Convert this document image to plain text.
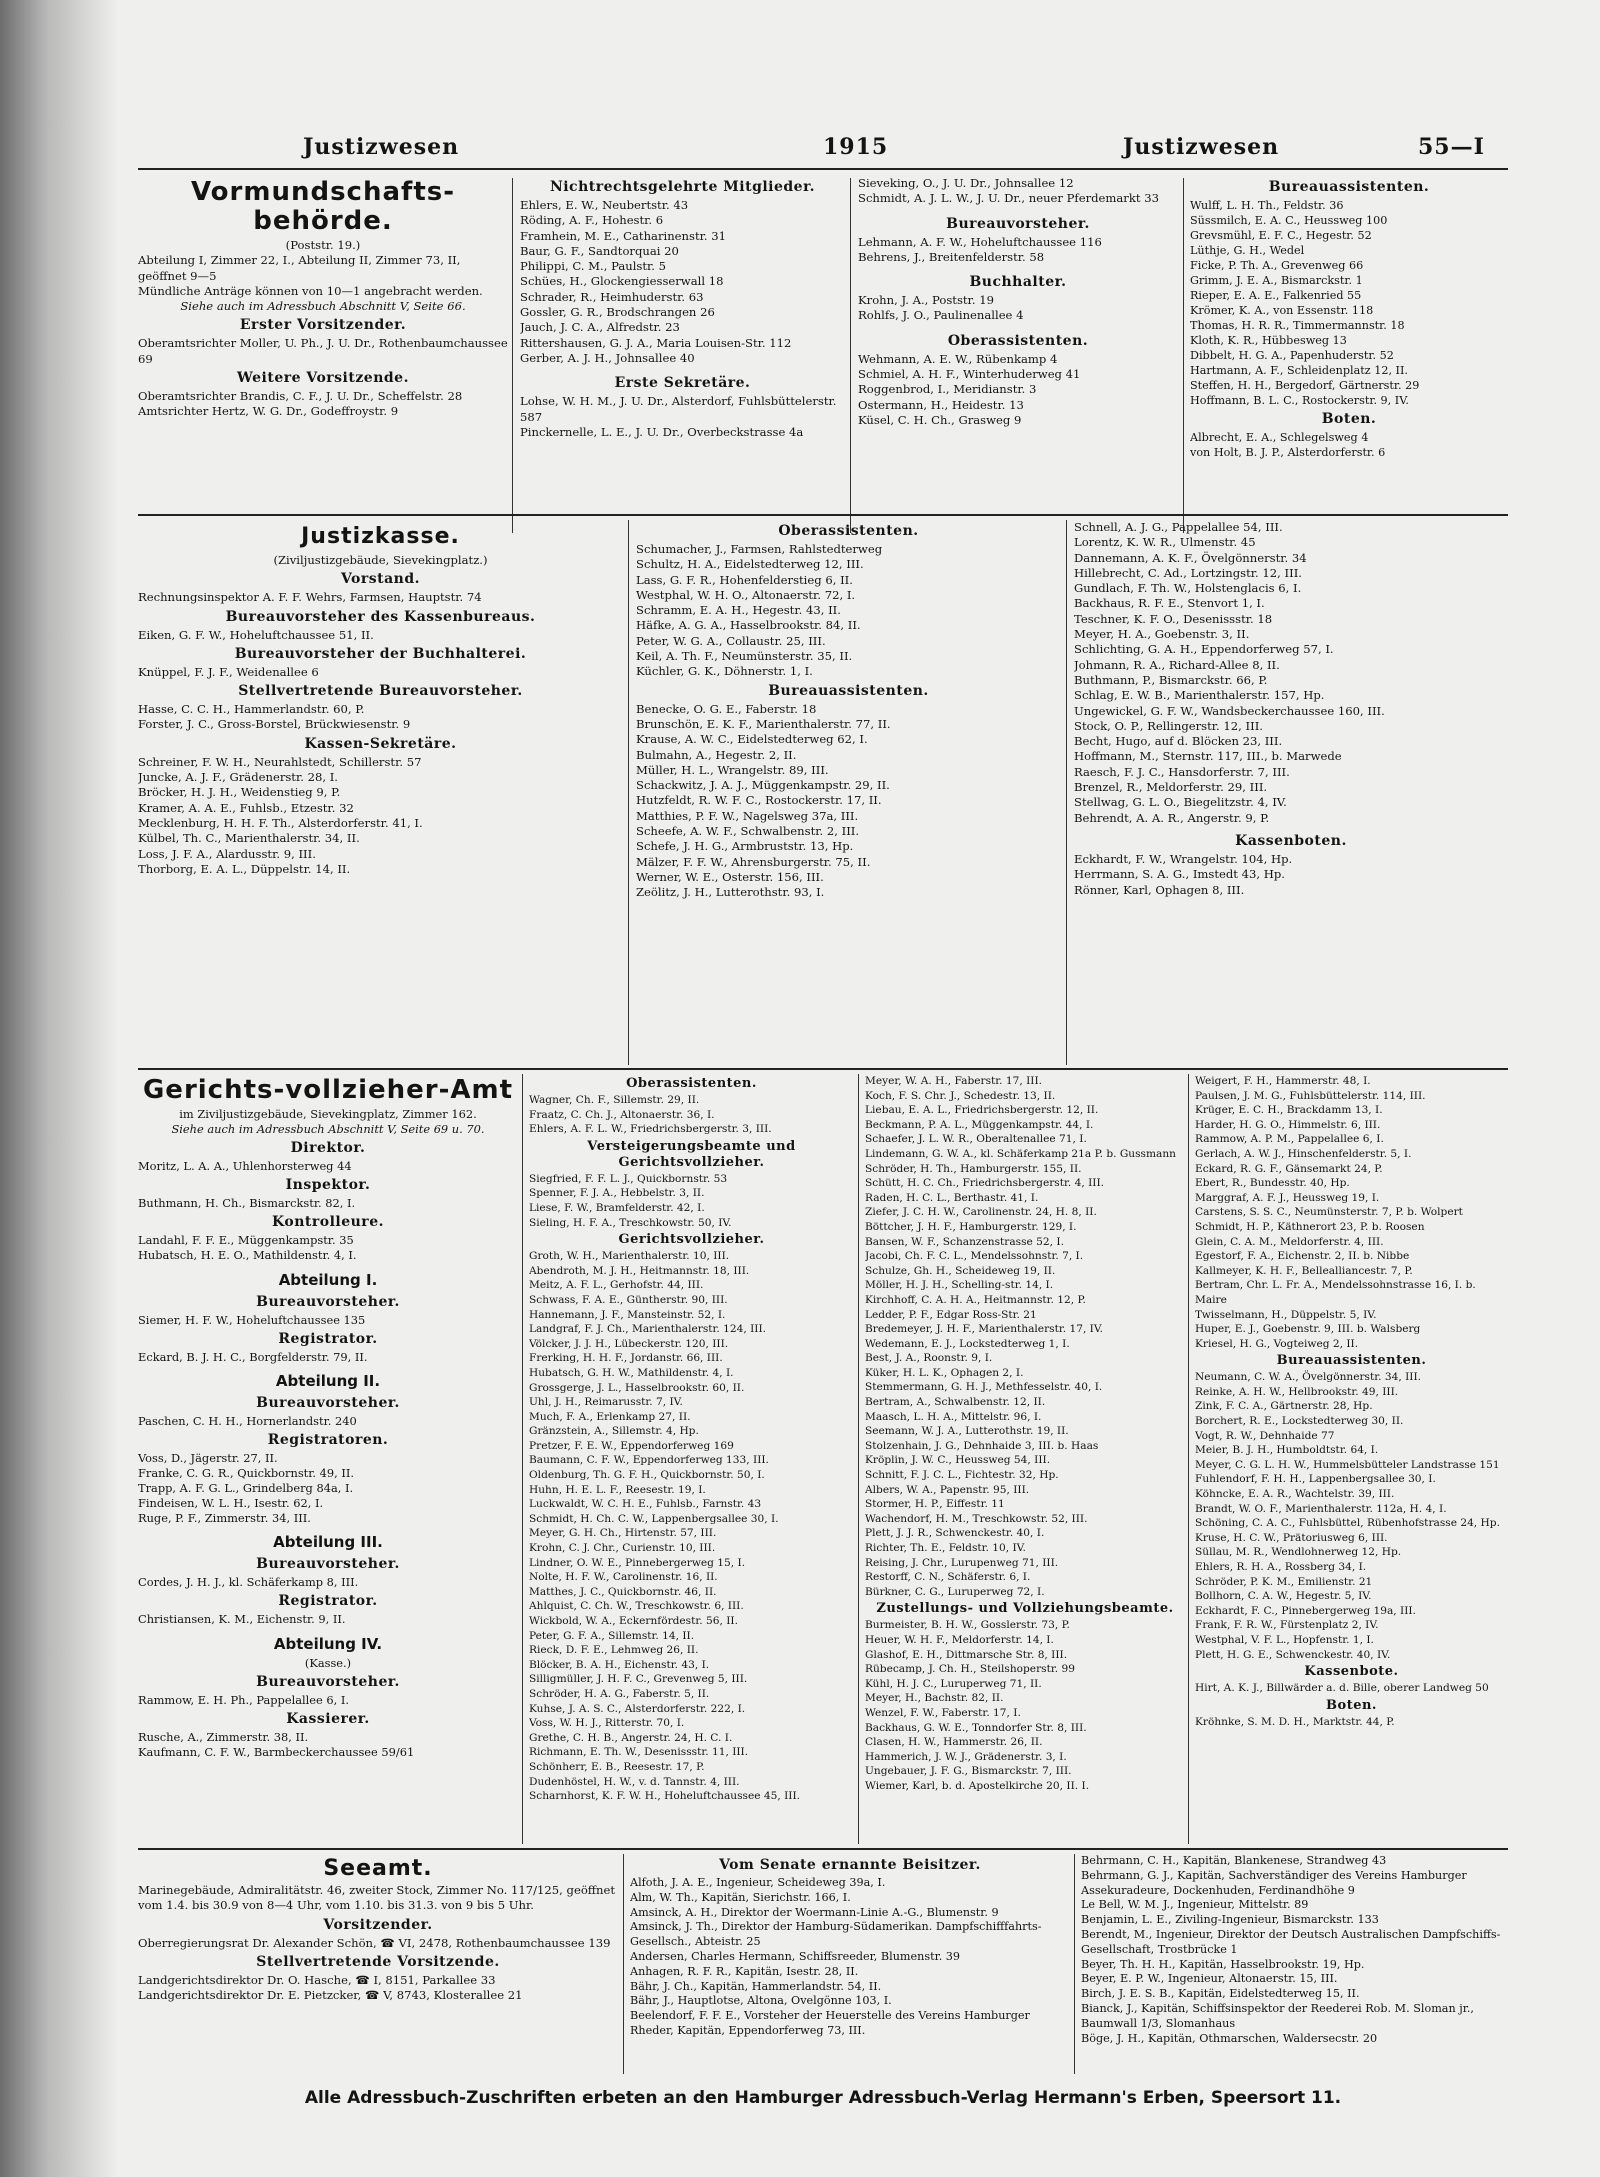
Justizwesen	1915	Justizwesen	55—I
Vormundschafts-behörde.

(Poststr. 19.)

Abteilung I, Zimmer 22, I., Abteilung II, Zimmer 73, II, geöffnet 9—5

Mündliche Anträge können von 10—1 angebracht werden.

Siehe auch im Adressbuch Abschnitt V, Seite 66.

Erster Vorsitzender.

Oberamtsrichter Moller, U. Ph., J. U. Dr., Rothenbaumchaussee 69

Weitere Vorsitzende.

Oberamtsrichter Brandis, C. F., J. U. Dr., Scheffelstr. 28

Amtsrichter Hertz, W. G. Dr., Godeffroystr. 9

Nichtrechtsgelehrte Mitglieder.

Ehlers, E. W., Neubertstr. 43

Röding, A. F., Hohestr. 6

Framhein, M. E., Catharinenstr. 31

Baur, G. F., Sandtorquai 20

Philippi, C. M., Paulstr. 5

Schües, H., Glockengiesserwall 18

Schrader, R., Heimhuderstr. 63

Gossler, G. R., Brodschrangen 26

Jauch, J. C. A., Alfredstr. 23

Rittershausen, G. J. A., Maria Louisen-Str. 112

Gerber, A. J. H., Johnsallee 40

Erste Sekretäre.

Lohse, W. H. M., J. U. Dr., Alsterdorf, Fuhlsbüttelerstr. 587

Pinckernelle, L. E., J. U. Dr., Overbeckstrasse 4a

Sieveking, O., J. U. Dr., Johnsallee 12

Schmidt, A. J. L. W., J. U. Dr., neuer Pferdemarkt 33

Bureauvorsteher.

Lehmann, A. F. W., Hoheluftchaussee 116

Behrens, J., Breitenfelderstr. 58

Buchhalter.

Krohn, J. A., Poststr. 19

Rohlfs, J. O., Paulinenallee 4

Oberassistenten.

Wehmann, A. E. W., Rübenkamp 4

Schmiel, A. H. F., Winterhuderweg 41

Roggenbrod, I., Meridianstr. 3

Ostermann, H., Heidestr. 13

Küsel, C. H. Ch., Grasweg 9

Bureauassistenten.

Wulff, L. H. Th., Feldstr. 36

Süssmilch, E. A. C., Heussweg 100

Grevsmühl, E. F. C., Hegestr. 52

Lüthje, G. H., Wedel

Ficke, P. Th. A., Grevenweg 66

Grimm, J. E. A., Bismarckstr. 1

Rieper, E. A. E., Falkenried 55

Krömer, K. A., von Essenstr. 118

Thomas, H. R. R., Timmermannstr. 18

Kloth, K. R., Hübbesweg 13

Dibbelt, H. G. A., Papenhuderstr. 52

Hartmann, A. F., Schleidenplatz 12, II.

Steffen, H. H., Bergedorf, Gärtnerstr. 29

Hoffmann, B. L. C., Rostockerstr. 9, IV.

Boten.

Albrecht, E. A., Schlegelsweg 4

von Holt, B. J. P., Alsterdorferstr. 6

Justizkasse.

(Ziviljustizgebäude, Sievekingplatz.)

Vorstand.

Rechnungsinspektor A. F. F. Wehrs, Farmsen, Hauptstr. 74

Bureauvorsteher des Kassenbureaus.

Eiken, G. F. W., Hoheluftchaussee 51, II.

Bureauvorsteher der Buchhalterei.

Knüppel, F. J. F., Weidenallee 6

Stellvertretende Bureauvorsteher.

Hasse, C. C. H., Hammerlandstr. 60, P.

Forster, J. C., Gross-Borstel, Brückwiesenstr. 9

Kassen-Sekretäre.

Schreiner, F. W. H., Neurahlstedt, Schillerstr. 57

Juncke, A. J. F., Grädenerstr. 28, I.

Bröcker, H. J. H., Weidenstieg 9, P.

Kramer, A. A. E., Fuhlsb., Etzestr. 32

Mecklenburg, H. H. F. Th., Alsterdorferstr. 41, I.

Külbel, Th. C., Marienthalerstr. 34, II.

Loss, J. F. A., Alardusstr. 9, III.

Thorborg, E. A. L., Düppelstr. 14, II.

Oberassistenten.

Schumacher, J., Farmsen, Rahlstedterweg

Schultz, H. A., Eidelstedterweg 12, III.

Lass, G. F. R., Hohenfelderstieg 6, II.

Westphal, W. H. O., Altonaerstr. 72, I.

Schramm, E. A. H., Hegestr. 43, II.

Häfke, A. G. A., Hasselbrookstr. 84, II.

Peter, W. G. A., Collaustr. 25, III.

Keil, A. Th. F., Neumünsterstr. 35, II.

Küchler, G. K., Döhnerstr. 1, I.

Bureauassistenten.

Benecke, O. G. E., Faberstr. 18

Brunschön, E. K. F., Marienthalerstr. 77, II.

Krause, A. W. C., Eidelstedterweg 62, I.

Bulmahn, A., Hegestr. 2, II.

Müller, H. L., Wrangelstr. 89, III.

Schackwitz, J. A. J., Müggenkampstr. 29, II.

Hutzfeldt, R. W. F. C., Rostockerstr. 17, II.

Matthies, P. F. W., Nagelsweg 37a, III.

Scheefe, A. W. F., Schwalbenstr. 2, III.

Schefe, J. H. G., Armbruststr. 13, Hp.

Mälzer, F. F. W., Ahrensburgerstr. 75, II.

Werner, W. E., Osterstr. 156, III.

Zeölitz, J. H., Lutterothstr. 93, I.

Schnell, A. J. G., Pappelallee 54, III.

Lorentz, K. W. R., Ulmenstr. 45

Dannemann, A. K. F., Övelgönnerstr. 34

Hillebrecht, C. Ad., Lortzingstr. 12, III.

Gundlach, F. Th. W., Holstenglacis 6, I.

Backhaus, R. F. E., Stenvort 1, I.

Teschner, K. F. O., Desenissstr. 18

Meyer, H. A., Goebenstr. 3, II.

Schlichting, G. A. H., Eppendorferweg 57, I.

Johmann, R. A., Richard-Allee 8, II.

Buthmann, P., Bismarckstr. 66, P.

Schlag, E. W. B., Marienthalerstr. 157, Hp.

Ungewickel, G. F. W., Wandsbeckerchaussee 160, III.

Stock, O. P., Rellingerstr. 12, III.

Becht, Hugo, auf d. Blöcken 23, III.

Hoffmann, M., Sternstr. 117, III., b. Marwede

Raesch, F. J. C., Hansdorferstr. 7, III.

Brenzel, R., Meldorferstr. 29, III.

Stellwag, G. L. O., Biegelitzstr. 4, IV.

Behrendt, A. A. R., Angerstr. 9, P.

Kassenboten.

Eckhardt, F. W., Wrangelstr. 104, Hp.

Herrmann, S. A. G., Imstedt 43, Hp.

Rönner, Karl, Ophagen 8, III.

Gerichts-vollzieher-Amt

im Ziviljustizgebäude, Sievekingplatz, Zimmer 162.

Siehe auch im Adressbuch Abschnitt V, Seite 69 u. 70.

Direktor.

Moritz, L. A. A., Uhlenhorsterweg 44

Inspektor.

Buthmann, H. Ch., Bismarckstr. 82, I.

Kontrolleure.

Landahl, F. F. E., Müggenkampstr. 35

Hubatsch, H. E. O., Mathildenstr. 4, I.

Abteilung I.
Bureauvorsteher.

Siemer, H. F. W., Hoheluftchaussee 135

Registrator.

Eckard, B. J. H. C., Borgfelderstr. 79, II.

Abteilung II.
Bureauvorsteher.

Paschen, C. H. H., Hornerlandstr. 240

Registratoren.

Voss, D., Jägerstr. 27, II.

Franke, C. G. R., Quickbornstr. 49, II.

Trapp, A. F. G. L., Grindelberg 84a, I.

Findeisen, W. L. H., Isestr. 62, I.

Ruge, P. F., Zimmerstr. 34, III.

Abteilung III.
Bureauvorsteher.

Cordes, J. H. J., kl. Schäferkamp 8, III.

Registrator.

Christiansen, K. M., Eichenstr. 9, II.

Abteilung IV.

(Kasse.)

Bureauvorsteher.

Rammow, E. H. Ph., Pappelallee 6, I.

Kassierer.

Rusche, A., Zimmerstr. 38, II.

Kaufmann, C. F. W., Barmbeckerchaussee 59/61

Oberassistenten.

Wagner, Ch. F., Sillemstr. 29, II.

Fraatz, C. Ch. J., Altonaerstr. 36, I.

Ehlers, A. F. L. W., Friedrichsbergerstr. 3, III.

Versteigerungsbeamte und Gerichtsvollzieher.

Siegfried, F. F. L. J., Quickbornstr. 53

Spenner, F. J. A., Hebbelstr. 3, II.

Liese, F. W., Bramfelderstr. 42, I.

Sieling, H. F. A., Treschkowstr. 50, IV.

Gerichtsvollzieher.

Groth, W. H., Marienthalerstr. 10, III.

Abendroth, M. J. H., Heitmannstr. 18, III.

Meitz, A. F. L., Gerhofstr. 44, III.

Schwass, F. A. E., Güntherstr. 90, III.

Hannemann, J. F., Mansteinstr. 52, I.

Landgraf, F. J. Ch., Marienthalerstr. 124, III.

Völcker, J. J. H., Lübeckerstr. 120, III.

Frerking, H. H. F., Jordanstr. 66, III.

Hubatsch, G. H. W., Mathildenstr. 4, I.

Grossgerge, J. L., Hasselbrookstr. 60, II.

Uhl, J. H., Reimarusstr. 7, IV.

Much, F. A., Erlenkamp 27, II.

Gränzstein, A., Sillemstr. 4, Hp.

Pretzer, F. E. W., Eppendorferweg 169

Baumann, C. F. W., Eppendorferweg 133, III.

Oldenburg, Th. G. F. H., Quickbornstr. 50, I.

Huhn, H. E. L. F., Reesestr. 19, I.

Luckwaldt, W. C. H. E., Fuhlsb., Farnstr. 43

Schmidt, H. Ch. C. W., Lappenbergsallee 30, I.

Meyer, G. H. Ch., Hirtenstr. 57, III.

Krohn, C. J. Chr., Curienstr. 10, III.

Lindner, O. W. E., Pinnebergerweg 15, I.

Nolte, H. F. W., Carolinenstr. 16, II.

Matthes, J. C., Quickbornstr. 46, II.

Ahlquist, C. Ch. W., Treschkowstr. 6, III.

Wickbold, W. A., Eckernfördestr. 56, II.

Peter, G. F. A., Sillemstr. 14, II.

Rieck, D. F. E., Lehmweg 26, II.

Blöcker, B. A. H., Eichenstr. 43, I.

Silligmüller, J. H. F. C., Grevenweg 5, III.

Schröder, H. A. G., Faberstr. 5, II.

Kuhse, J. A. S. C., Alsterdorferstr. 222, I.

Voss, W. H. J., Ritterstr. 70, I.

Grethe, C. H. B., Angerstr. 24, H. C. I.

Richmann, E. Th. W., Desenissstr. 11, III.

Schönherr, E. B., Reesestr. 17, P.

Dudenhöstel, H. W., v. d. Tannstr. 4, III.

Scharnhorst, K. F. W. H., Hoheluftchaussee 45, III.

Meyer, W. A. H., Faberstr. 17, III.

Koch, F. S. Chr. J., Schedestr. 13, II.

Liebau, E. A. L., Friedrichsbergerstr. 12, II.

Beckmann, P. A. L., Müggenkampstr. 44, I.

Schaefer, J. L. W. R., Oberaltenallee 71, I.

Lindemann, G. W. A., kl. Schäferkamp 21a P. b. Gussmann

Schröder, H. Th., Hamburgerstr. 155, II.

Schütt, H. C. Ch., Friedrichsbergerstr. 4, III.

Raden, H. C. L., Berthastr. 41, I.

Ziefer, J. C. H. W., Carolinenstr. 24, H. 8, II.

Böttcher, J. H. F., Hamburgerstr. 129, I.

Bansen, W. F., Schanzenstrasse 52, I.

Jacobi, Ch. F. C. L., Mendelssohnstr. 7, I.

Schulze, Gh. H., Scheideweg 19, II.

Möller, H. J. H., Schelling-str. 14, I.

Kirchhoff, C. A. H. A., Heitmannstr. 12, P.

Ledder, P. F., Edgar Ross-Str. 21

Bredemeyer, J. H. F., Marienthalerstr. 17, IV.

Wedemann, E. J., Lockstedterweg 1, I.

Best, J. A., Roonstr. 9, I.

Küker, H. L. K., Ophagen 2, I.

Stemmermann, G. H. J., Methfesselstr. 40, I.

Bertram, A., Schwalbenstr. 12, II.

Maasch, L. H. A., Mittelstr. 96, I.

Seemann, W. J. A., Lutterothstr. 19, II.

Stolzenhain, J. G., Dehnhaide 3, III. b. Haas

Kröplin, J. W. C., Heussweg 54, III.

Schnitt, F. J. C. L., Fichtestr. 32, Hp.

Albers, W. A., Papenstr. 95, III.

Stormer, H. P., Eiffestr. 11

Wachendorf, H. M., Treschkowstr. 52, III.

Plett, J. J. R., Schwenckestr. 40, I.

Richter, Th. E., Feldstr. 10, IV.

Reising, J. Chr., Lurupenweg 71, III.

Restorff, C. N., Schäferstr. 6, I.

Bürkner, C. G., Luruperweg 72, I.

Zustellungs- und Vollziehungsbeamte.

Burmeister, B. H. W., Gosslerstr. 73, P.

Heuer, W. H. F., Meldorferstr. 14, I.

Glashof, E. H., Dittmarsche Str. 8, III.

Rübecamp, J. Ch. H., Steilshoperstr. 99

Kühl, H. J. C., Luruperweg 71, II.

Meyer, H., Bachstr. 82, II.

Wenzel, F. W., Faberstr. 17, I.

Backhaus, G. W. E., Tonndorfer Str. 8, III.

Clasen, H. W., Hammerstr. 26, II.

Hammerich, J. W. J., Grädenerstr. 3, I.

Ungebauer, J. F. G., Bismarckstr. 7, III.

Wiemer, Karl, b. d. Apostelkirche 20, II. I.

Weigert, F. H., Hammerstr. 48, I.

Paulsen, J. M. G., Fuhlsbüttelerstr. 114, III.

Krüger, E. C. H., Brackdamm 13, I.

Harder, H. G. O., Himmelstr. 6, III.

Rammow, A. P. M., Pappelallee 6, I.

Gerlach, A. W. J., Hinschenfelderstr. 5, I.

Eckard, R. G. F., Gänsemarkt 24, P.

Ebert, R., Bundesstr. 40, Hp.

Marggraf, A. F. J., Heussweg 19, I.

Carstens, S. S. C., Neumünsterstr. 7, P. b. Wolpert

Schmidt, H. P., Käthnerort 23, P. b. Roosen

Glein, C. A. M., Meldorferstr. 4, III.

Egestorf, F. A., Eichenstr. 2, II. b. Nibbe

Kallmeyer, K. H. F., Bellealliancestr. 7, P.

Bertram, Chr. L. Fr. A., Mendelssohnstrasse 16, I. b. Maire

Twisselmann, H., Düppelstr. 5, IV.

Huper, E. J., Goebenstr. 9, III. b. Walsberg

Kriesel, H. G., Vogteiweg 2, II.

Bureauassistenten.

Neumann, C. W. A., Övelgönnerstr. 34, III.

Reinke, A. H. W., Hellbrookstr. 49, III.

Zink, F. C. A., Gärtnerstr. 28, Hp.

Borchert, R. E., Lockstedterweg 30, II.

Vogt, R. W., Dehnhaide 77

Meier, B. J. H., Humboldtstr. 64, I.

Meyer, C. G. L. H. W., Hummelsbütteler Landstrasse 151

Fuhlendorf, F. H. H., Lappenbergsallee 30, I.

Köhncke, E. A. R., Wachtelstr. 39, III.

Brandt, W. O. F., Marienthalerstr. 112a, H. 4, I.

Schöning, C. A. C., Fuhlsbüttel, Rübenhofstrasse 24, Hp.

Kruse, H. C. W., Prätoriusweg 6, III.

Süllau, M. R., Wendlohnerweg 12, Hp.

Ehlers, R. H. A., Rossberg 34, I.

Schröder, P. K. M., Emilienstr. 21

Bollhorn, C. A. W., Hegestr. 5, IV.

Eckhardt, F. C., Pinnebergerweg 19a, III.

Frank, F. R. W., Fürstenplatz 2, IV.

Westphal, V. F. L., Hopfenstr. 1, I.

Plett, H. G. E., Schwenckestr. 40, IV.

Kassenbote.

Hirt, A. K. J., Billwärder a. d. Bille, oberer Landweg 50

Boten.

Kröhnke, S. M. D. H., Marktstr. 44, P.

Seeamt.

Marinegebäude, Admiralitätstr. 46, zweiter Stock, Zimmer No. 117/125, geöffnet vom 1.4. bis 30.9 von 8—4 Uhr, vom 1.10. bis 31.3. von 9 bis 5 Uhr.

Vorsitzender.

Oberregierungsrat Dr. Alexander Schön, ☎ VI, 2478, Rothenbaumchaussee 139

Stellvertretende Vorsitzende.

Landgerichtsdirektor Dr. O. Hasche, ☎ I, 8151, Parkallee 33

Landgerichtsdirektor Dr. E. Pietzcker, ☎ V, 8743, Klosterallee 21

Vom Senate ernannte Beisitzer.

Alfoth, J. A. E., Ingenieur, Scheideweg 39a, I.

Alm, W. Th., Kapitän, Sierichstr. 166, I.

Amsinck, A. H., Direktor der Woermann-Linie A.-G., Blumenstr. 9

Amsinck, J. Th., Direktor der Hamburg-Südamerikan. Dampfschifffahrts-Gesellsch., Abteistr. 25

Andersen, Charles Hermann, Schiffsreeder, Blumenstr. 39

Anhagen, R. F. R., Kapitän, Isestr. 28, II.

Bähr, J. Ch., Kapitän, Hammerlandstr. 54, II.

Bähr, J., Hauptlotse, Altona, Ovelgönne 103, I.

Beelendorf, F. F. E., Vorsteher der Heuerstelle des Vereins Hamburger Rheder, Kapitän, Eppendorferweg 73, III.

Behrmann, C. H., Kapitän, Blankenese, Strandweg 43

Behrmann, G. J., Kapitän, Sachverständiger des Vereins Hamburger Assekuradeure, Dockenhuden, Ferdinandhöhe 9

Le Bell, W. M. J., Ingenieur, Mittelstr. 89

Benjamin, L. E., Ziviling-Ingenieur, Bismarckstr. 133

Berendt, M., Ingenieur, Direktor der Deutsch Australischen Dampfschiffs-Gesellschaft, Trostbrücke 1

Beyer, Th. H. H., Kapitän, Hasselbrookstr. 19, Hp.

Beyer, E. P. W., Ingenieur, Altonaerstr. 15, III.

Birch, J. E. S. B., Kapitän, Eidelstedterweg 15, II.

Bianck, J., Kapitän, Schiffsinspektor der Reederei Rob. M. Sloman jr., Baumwall 1/3, Slomanhaus

Böge, J. H., Kapitän, Othmarschen, Waldersecstr. 20

Alle Adressbuch-Zuschriften erbeten an den Hamburger Adressbuch-Verlag Hermann's Erben, Speersort 11.
